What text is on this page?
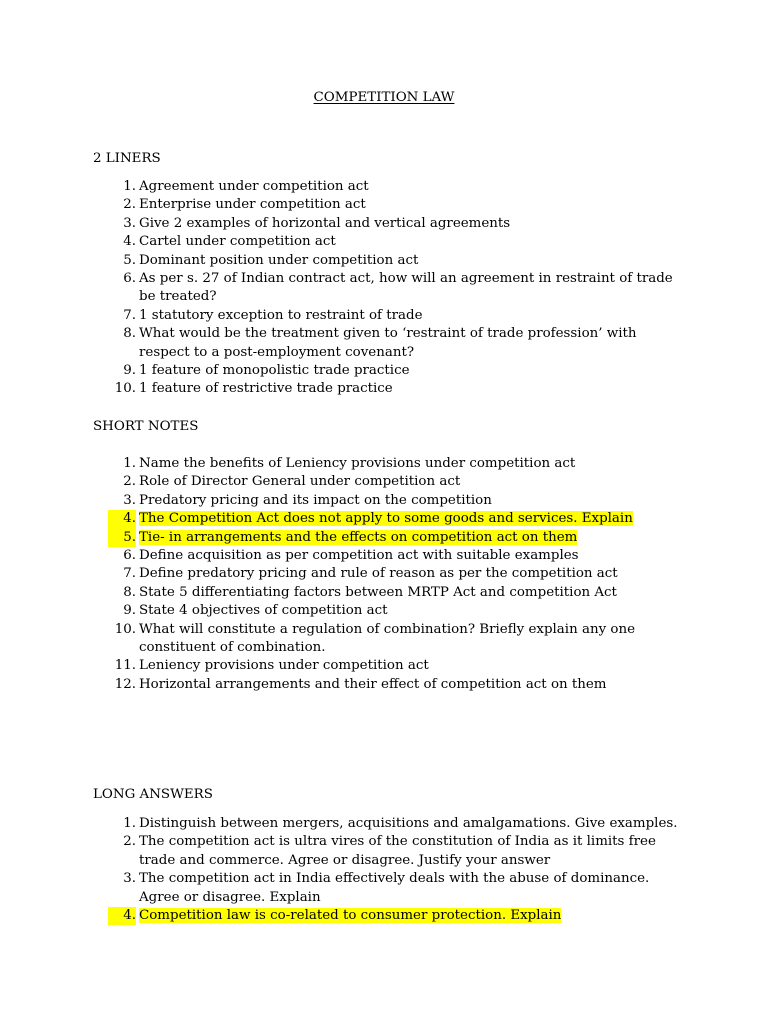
COMPETITION LAW
2 LINERS
1. Agreement under competition act
2. Enterprise under competition act
3. Give 2 examples of horizontal and vertical agreements
4. Cartel under competition act
5. Dominant position under competition act
6. As per s. 27 of Indian contract act, how will an agreement in restraint of trade be treated?
7. 1 statutory exception to restraint of trade
8. What would be the treatment given to ‘restraint of trade profession’ with respect to a post-employment covenant?
9. 1 feature of monopolistic trade practice
10. 1 feature of restrictive trade practice
SHORT NOTES
1. Name the benefits of Leniency provisions under competition act
2. Role of Director General under competition act
3. Predatory pricing and its impact on the competition
4. The Competition Act does not apply to some goods and services. Explain
5. Tie- in arrangements and the effects on competition act on them
6. Define acquisition as per competition act with suitable examples
7. Define predatory pricing and rule of reason as per the competition act
8. State 5 differentiating factors between MRTP Act and competition Act
9. State 4 objectives of competition act
10. What will constitute a regulation of combination? Briefly explain any one constituent of combination.
11. Leniency provisions under competition act
12. Horizontal arrangements and their effect of competition act on them
LONG ANSWERS
1. Distinguish between mergers, acquisitions and amalgamations. Give examples.
2. The competition act is ultra vires of the constitution of India as it limits free trade and commerce. Agree or disagree. Justify your answer
3. The competition act in India effectively deals with the abuse of dominance. Agree or disagree. Explain
4. Competition law is co-related to consumer protection. Explain
